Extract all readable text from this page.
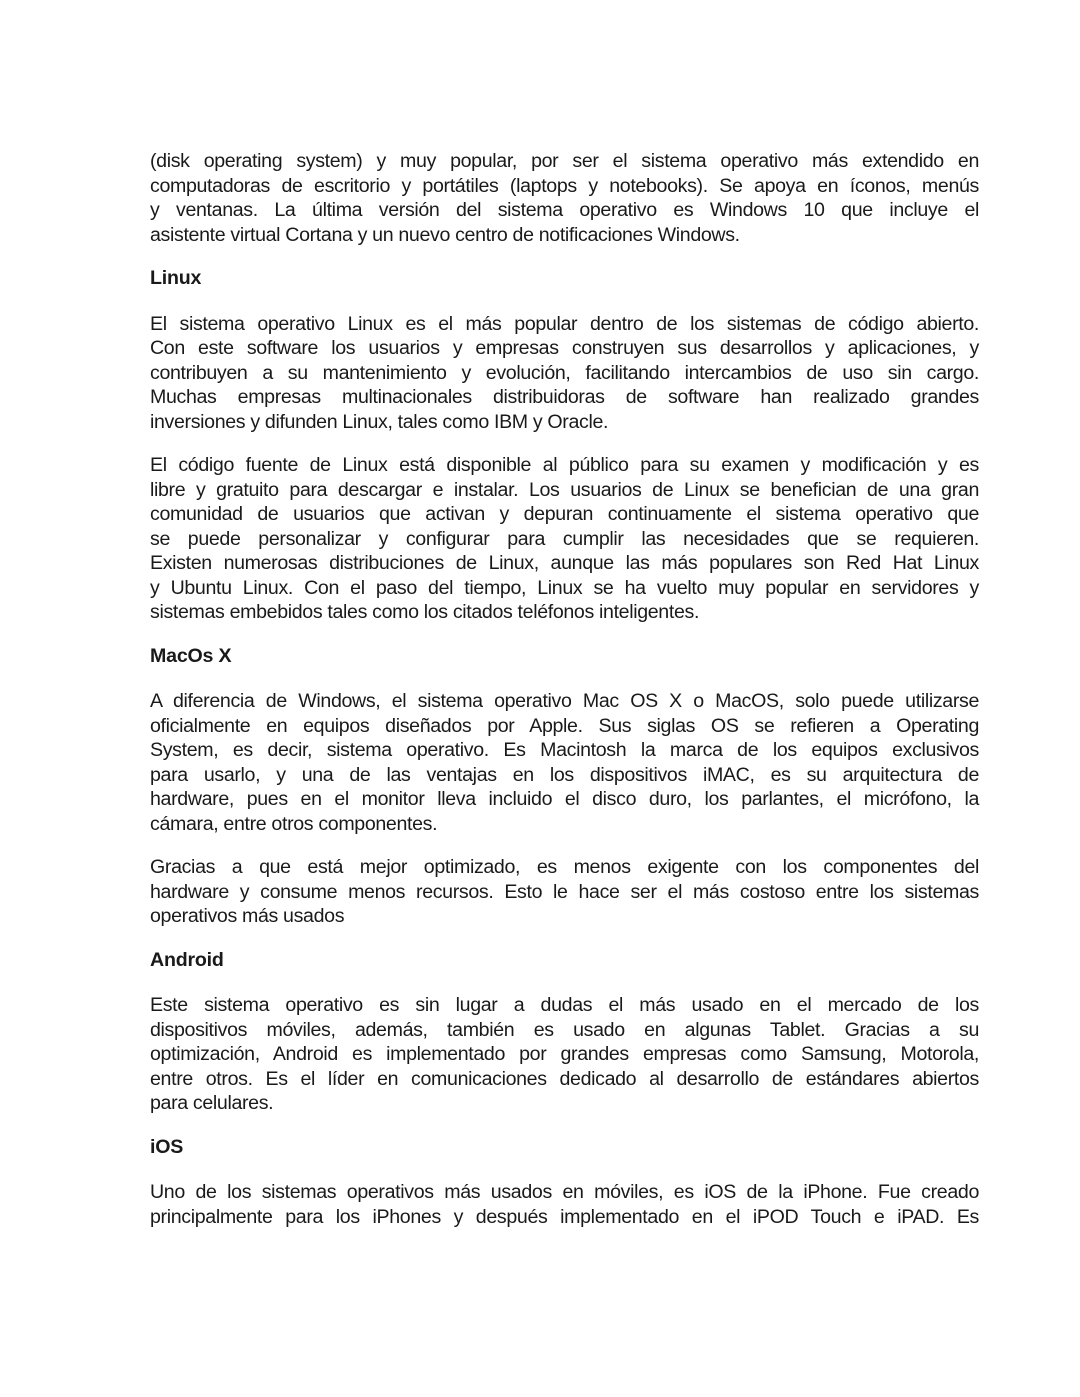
(disk operating system) y muy popular, por ser el sistema operativo más extendido en
computadoras de escritorio y portátiles (laptops y notebooks). Se apoya en íconos, menús
y ventanas. La última versión del sistema operativo es Windows 10 que incluye el
asistente virtual Cortana y un nuevo centro de notificaciones Windows.
Linux
El sistema operativo Linux es el más popular dentro de los sistemas de código abierto.
Con este software los usuarios y empresas construyen sus desarrollos y aplicaciones, y
contribuyen a su mantenimiento y evolución, facilitando intercambios de uso sin cargo.
Muchas empresas multinacionales distribuidoras de software han realizado grandes
inversiones y difunden Linux, tales como IBM y Oracle.
El código fuente de Linux está disponible al público para su examen y modificación y es
libre y gratuito para descargar e instalar. Los usuarios de Linux se benefician de una gran
comunidad de usuarios que activan y depuran continuamente el sistema operativo que
se puede personalizar y configurar para cumplir las necesidades que se requieren.
Existen numerosas distribuciones de Linux, aunque las más populares son Red Hat Linux
y Ubuntu Linux. Con el paso del tiempo, Linux se ha vuelto muy popular en servidores y
sistemas embebidos tales como los citados teléfonos inteligentes.
MacOs X
A diferencia de Windows, el sistema operativo Mac OS X o MacOS, solo puede utilizarse
oficialmente en equipos diseñados por Apple. Sus siglas OS se refieren a Operating
System, es decir, sistema operativo. Es Macintosh la marca de los equipos exclusivos
para usarlo, y una de las ventajas en los dispositivos iMAC, es su arquitectura de
hardware, pues en el monitor lleva incluido el disco duro, los parlantes, el micrófono, la
cámara, entre otros componentes.
Gracias a que está mejor optimizado, es menos exigente con los componentes del
hardware y consume menos recursos. Esto le hace ser el más costoso entre los sistemas
operativos más usados
Android
Este sistema operativo es sin lugar a dudas el más usado en el mercado de los
dispositivos móviles, además, también es usado en algunas Tablet. Gracias a su
optimización, Android es implementado por grandes empresas como Samsung, Motorola,
entre otros. Es el líder en comunicaciones dedicado al desarrollo de estándares abiertos
para celulares.
iOS
Uno de los sistemas operativos más usados en móviles, es iOS de la iPhone. Fue creado
principalmente para los iPhones y después implementado en el iPOD Touch e iPAD. Es
